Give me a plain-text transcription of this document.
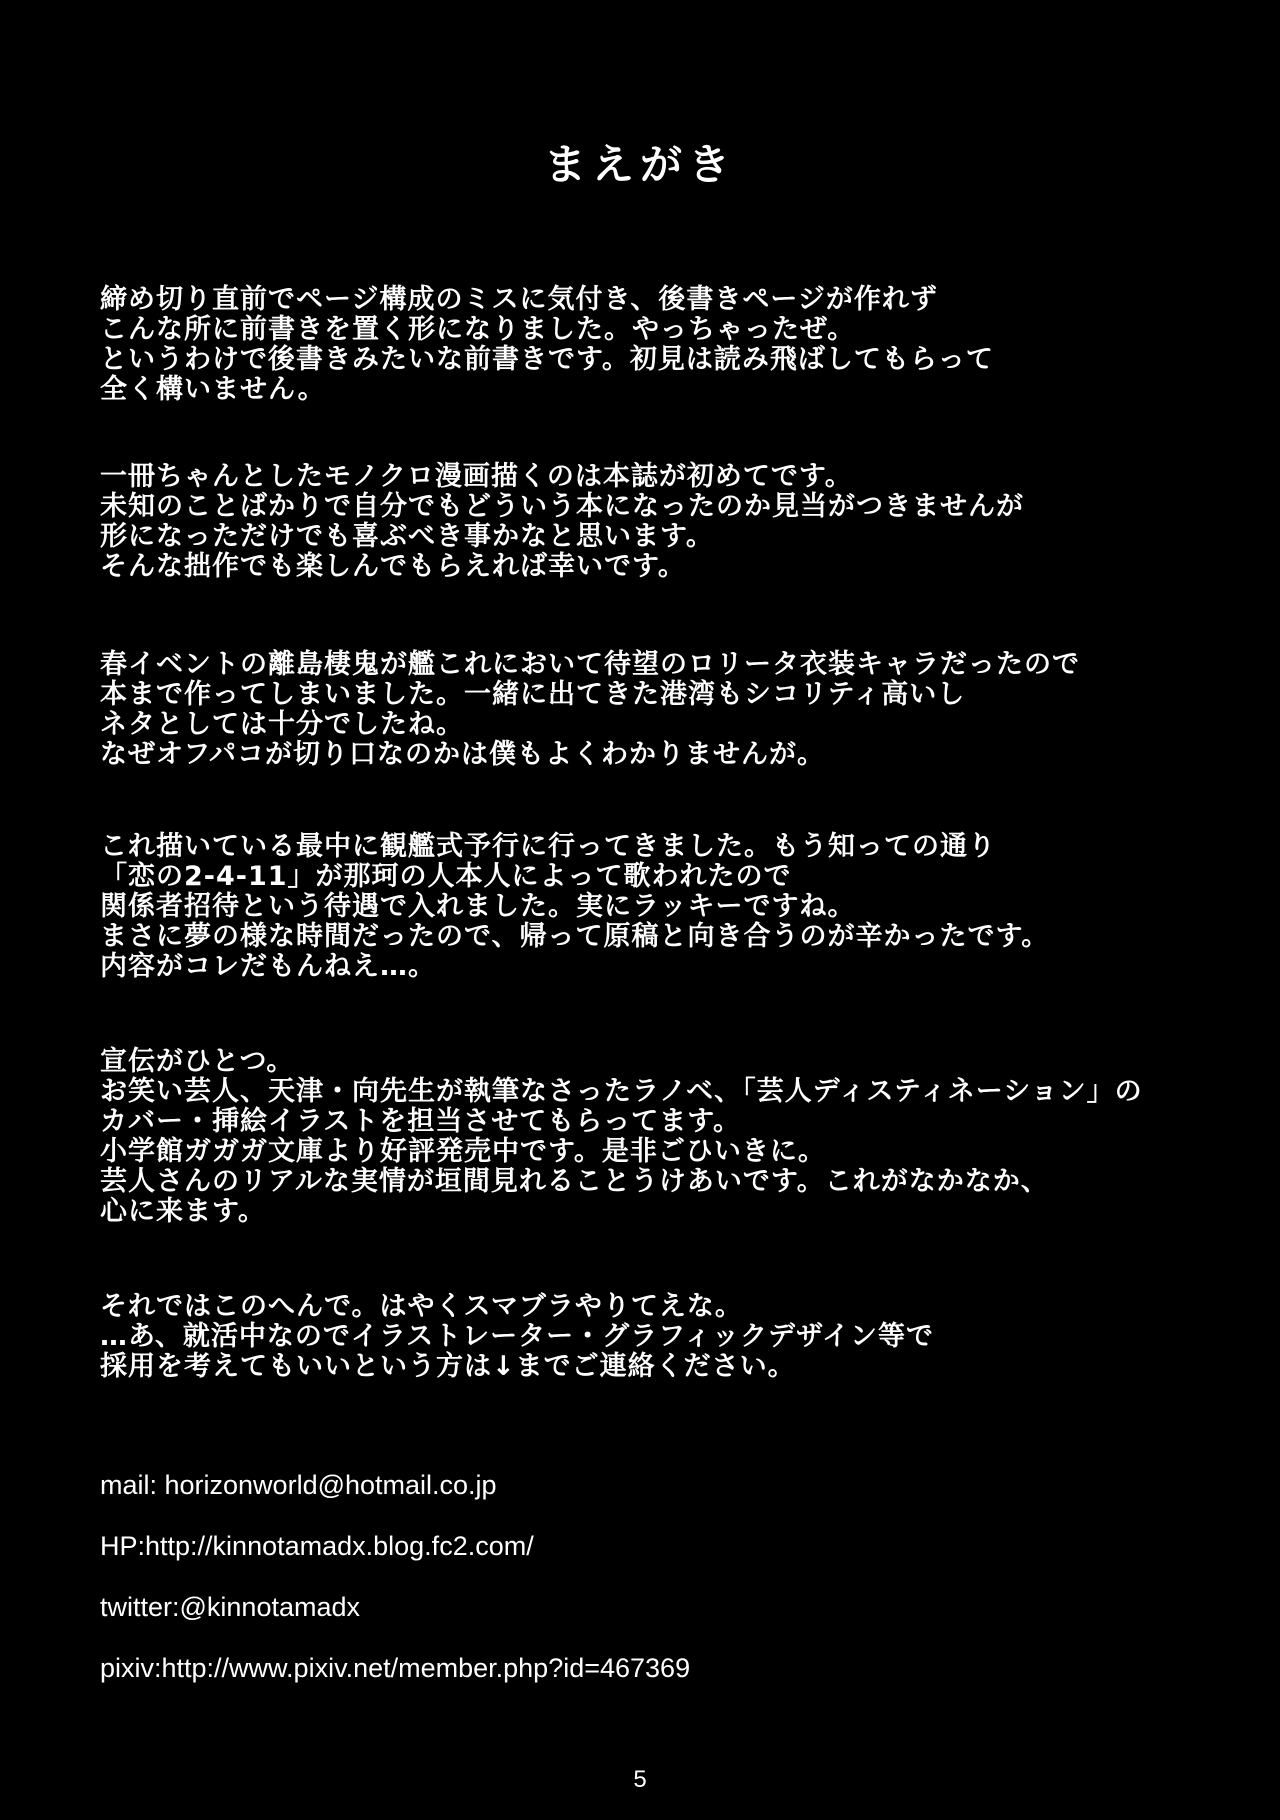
まえがき
締め切り直前でページ構成のミスに気付き、後書きページが作れず
こんな所に前書きを置く形になりました。やっちゃったぜ。
というわけで後書きみたいな前書きです。初見は読み飛ばしてもらって
全く構いません。
一冊ちゃんとしたモノクロ漫画描くのは本誌が初めてです。
未知のことばかりで自分でもどういう本になったのか見当がつきませんが
形になっただけでも喜ぶべき事かなと思います。
そんな拙作でも楽しんでもらえれば幸いです。
春イベントの離島棲鬼が艦これにおいて待望のロリータ衣装キャラだったので
本まで作ってしまいました。一緒に出てきた港湾もシコリティ高いし
ネタとしては十分でしたね。
なぜオフパコが切り口なのかは僕もよくわかりませんが。
これ描いている最中に観艦式予行に行ってきました。もう知っての通り
「恋の2-4-11」が那珂の人本人によって歌われたので
関係者招待という待遇で入れました。実にラッキーですね。
まさに夢の様な時間だったので、帰って原稿と向き合うのが辛かったです。
内容がコレだもんねえ…。
宣伝がひとつ。
お笑い芸人、天津・向先生が執筆なさったラノベ、「芸人ディスティネーション」の
カバー・挿絵イラストを担当させてもらってます。
小学館ガガガ文庫より好評発売中です。是非ごひいきに。
芸人さんのリアルな実情が垣間見れることうけあいです。これがなかなか、
心に来ます。
それではこのへんで。はやくスマブラやりてえな。
…あ、就活中なのでイラストレーター・グラフィックデザイン等で
採用を考えてもいいという方は↓までご連絡ください。
mail: horizonworld@hotmail.co.jp
HP:http://kinnotamadx.blog.fc2.com/
twitter:@kinnotamadx
pixiv:http://www.pixiv.net/member.php?id=467369
5
